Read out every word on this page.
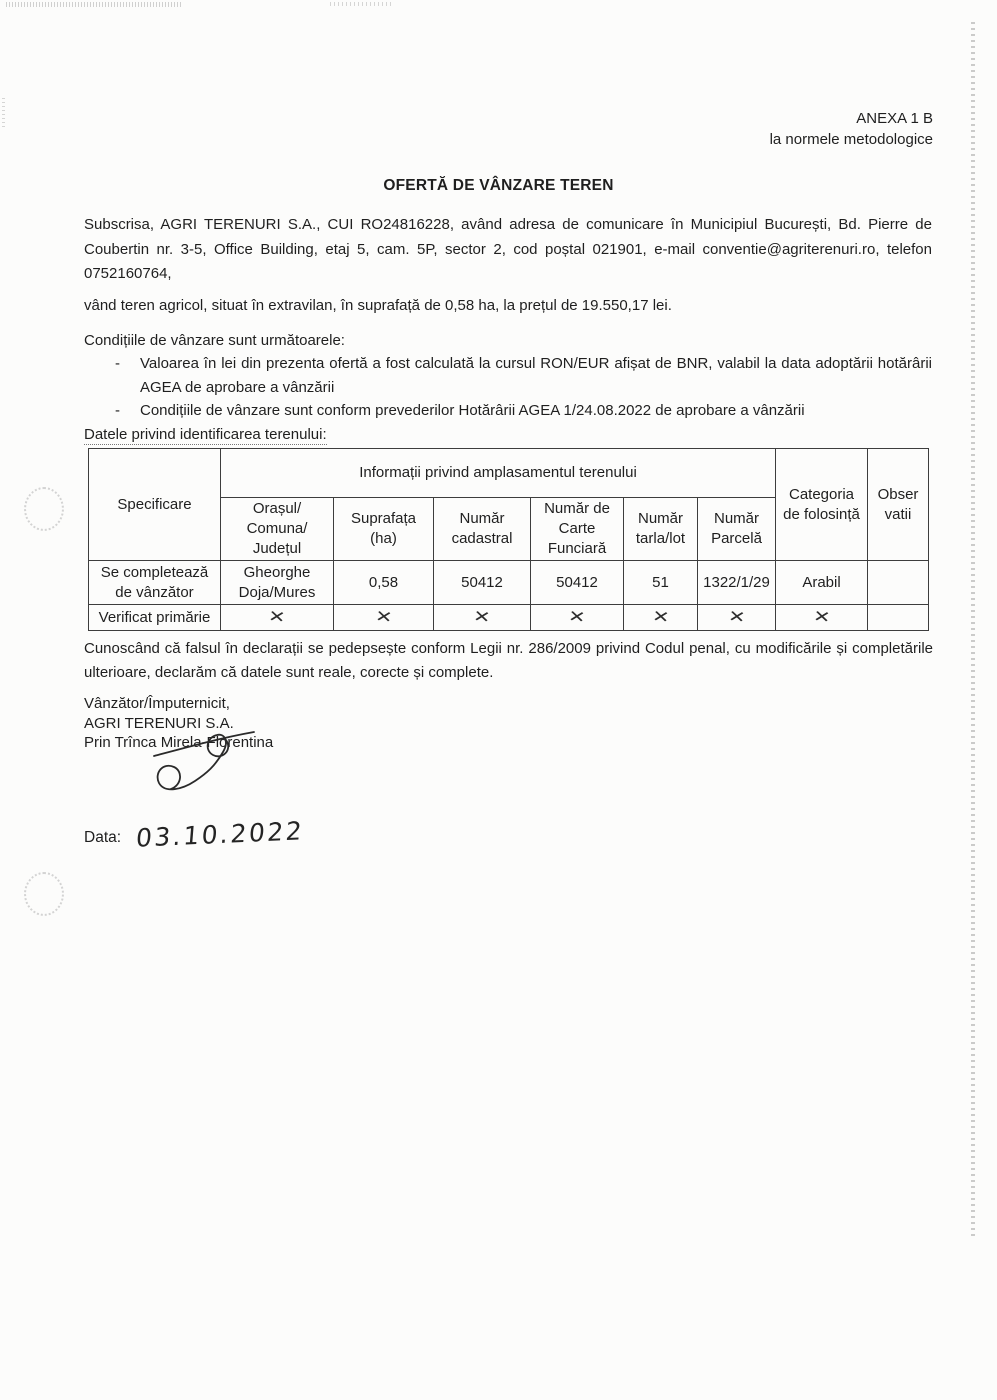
ANEXA 1 B
la normele metodologice
OFERTĂ DE VÂNZARE TEREN
Subscrisa, AGRI TERENURI S.A., CUI RO24816228, având adresa de comunicare în Municipiul București, Bd. Pierre de Coubertin nr. 3-5, Office Building, etaj 5, cam. 5P, sector 2, cod poștal 021901, e-mail conventie@agriterenuri.ro, telefon 0752160764,
vând teren agricol, situat în extravilan, în suprafață de 0,58 ha, la prețul de 19.550,17 lei.
Condițiile de vânzare sunt următoarele:
-	Valoarea în lei din prezenta ofertă a fost calculată la cursul RON/EUR afișat de BNR, valabil la data adoptării hotărârii AGEA de aprobare a vânzării
-	Condițiile de vânzare sunt conform prevederilor Hotărârii AGEA 1/24.08.2022 de aprobare a vânzării
Datele privind identificarea terenului:
Specificare	Informații privind amplasamentul terenului						Categoria de folosință	Obser vatii
	Orașul/ Comuna/ Județul	Suprafața (ha)	Număr cadastral	Număr de Carte Funciară	Număr tarla/lot	Număr Parcelă		
Se completează de vânzător	Gheorghe Doja/Mures	0,58	50412	50412	51	1322/1/29	Arabil	
Verificat primărie	✕	✕	✕	✕	✕	✕	✕	
Cunoscând că falsul în declarații se pedepsește conform Legii nr. 286/2009 privind Codul penal, cu modificările și completările ulterioare, declarăm că datele sunt reale, corecte și complete.
Vânzător/Împuternicit,
AGRI TERENURI S.A.
Prin Trînca Mirela-Florentina
Data: 03.10.2022
